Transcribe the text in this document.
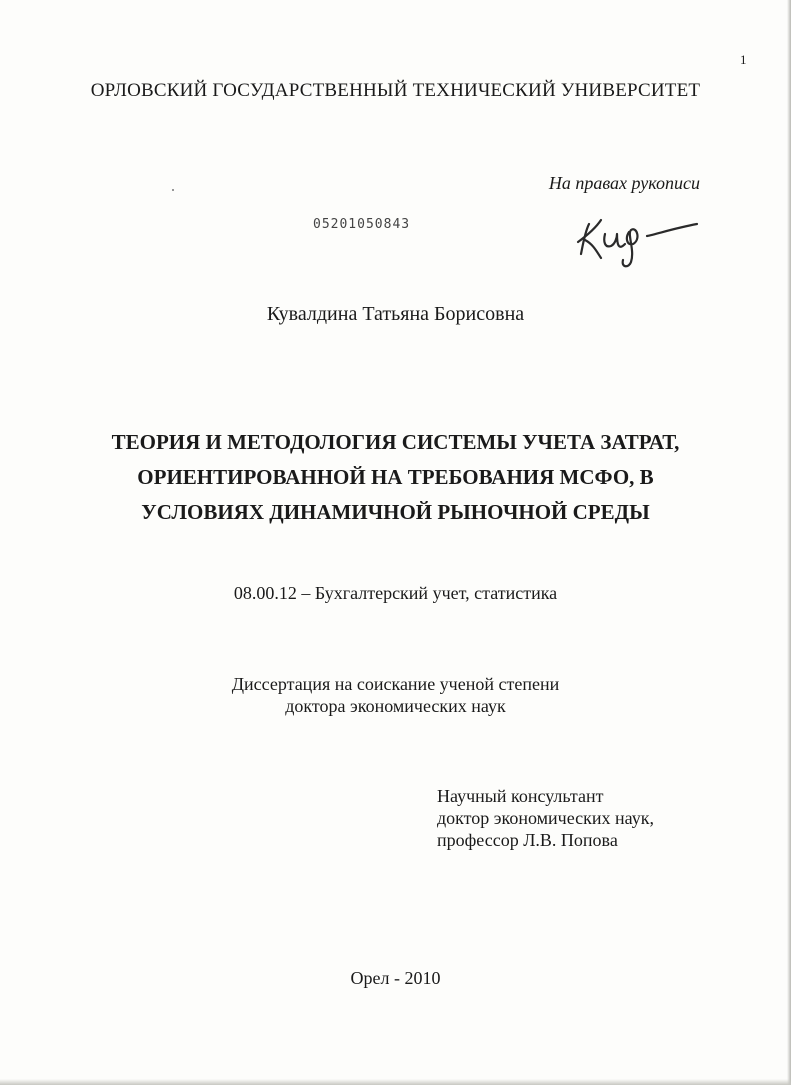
1
ОРЛОВСКИЙ ГОСУДАРСТВЕННЫЙ ТЕХНИЧЕСКИЙ УНИВЕРСИТЕТ
На правах рукописи
05201050843
Кувалдина Татьяна Борисовна
ТЕОРИЯ И МЕТОДОЛОГИЯ СИСТЕМЫ УЧЕТА ЗАТРАТ,
ОРИЕНТИРОВАННОЙ НА ТРЕБОВАНИЯ МСФО, В
УСЛОВИЯХ ДИНАМИЧНОЙ РЫНОЧНОЙ СРЕДЫ
08.00.12 – Бухгалтерский учет, статистика
Диссертация на соискание ученой степени
доктора экономических наук
Научный консультант
доктор экономических наук,
профессор Л.В. Попова
Орел - 2010
